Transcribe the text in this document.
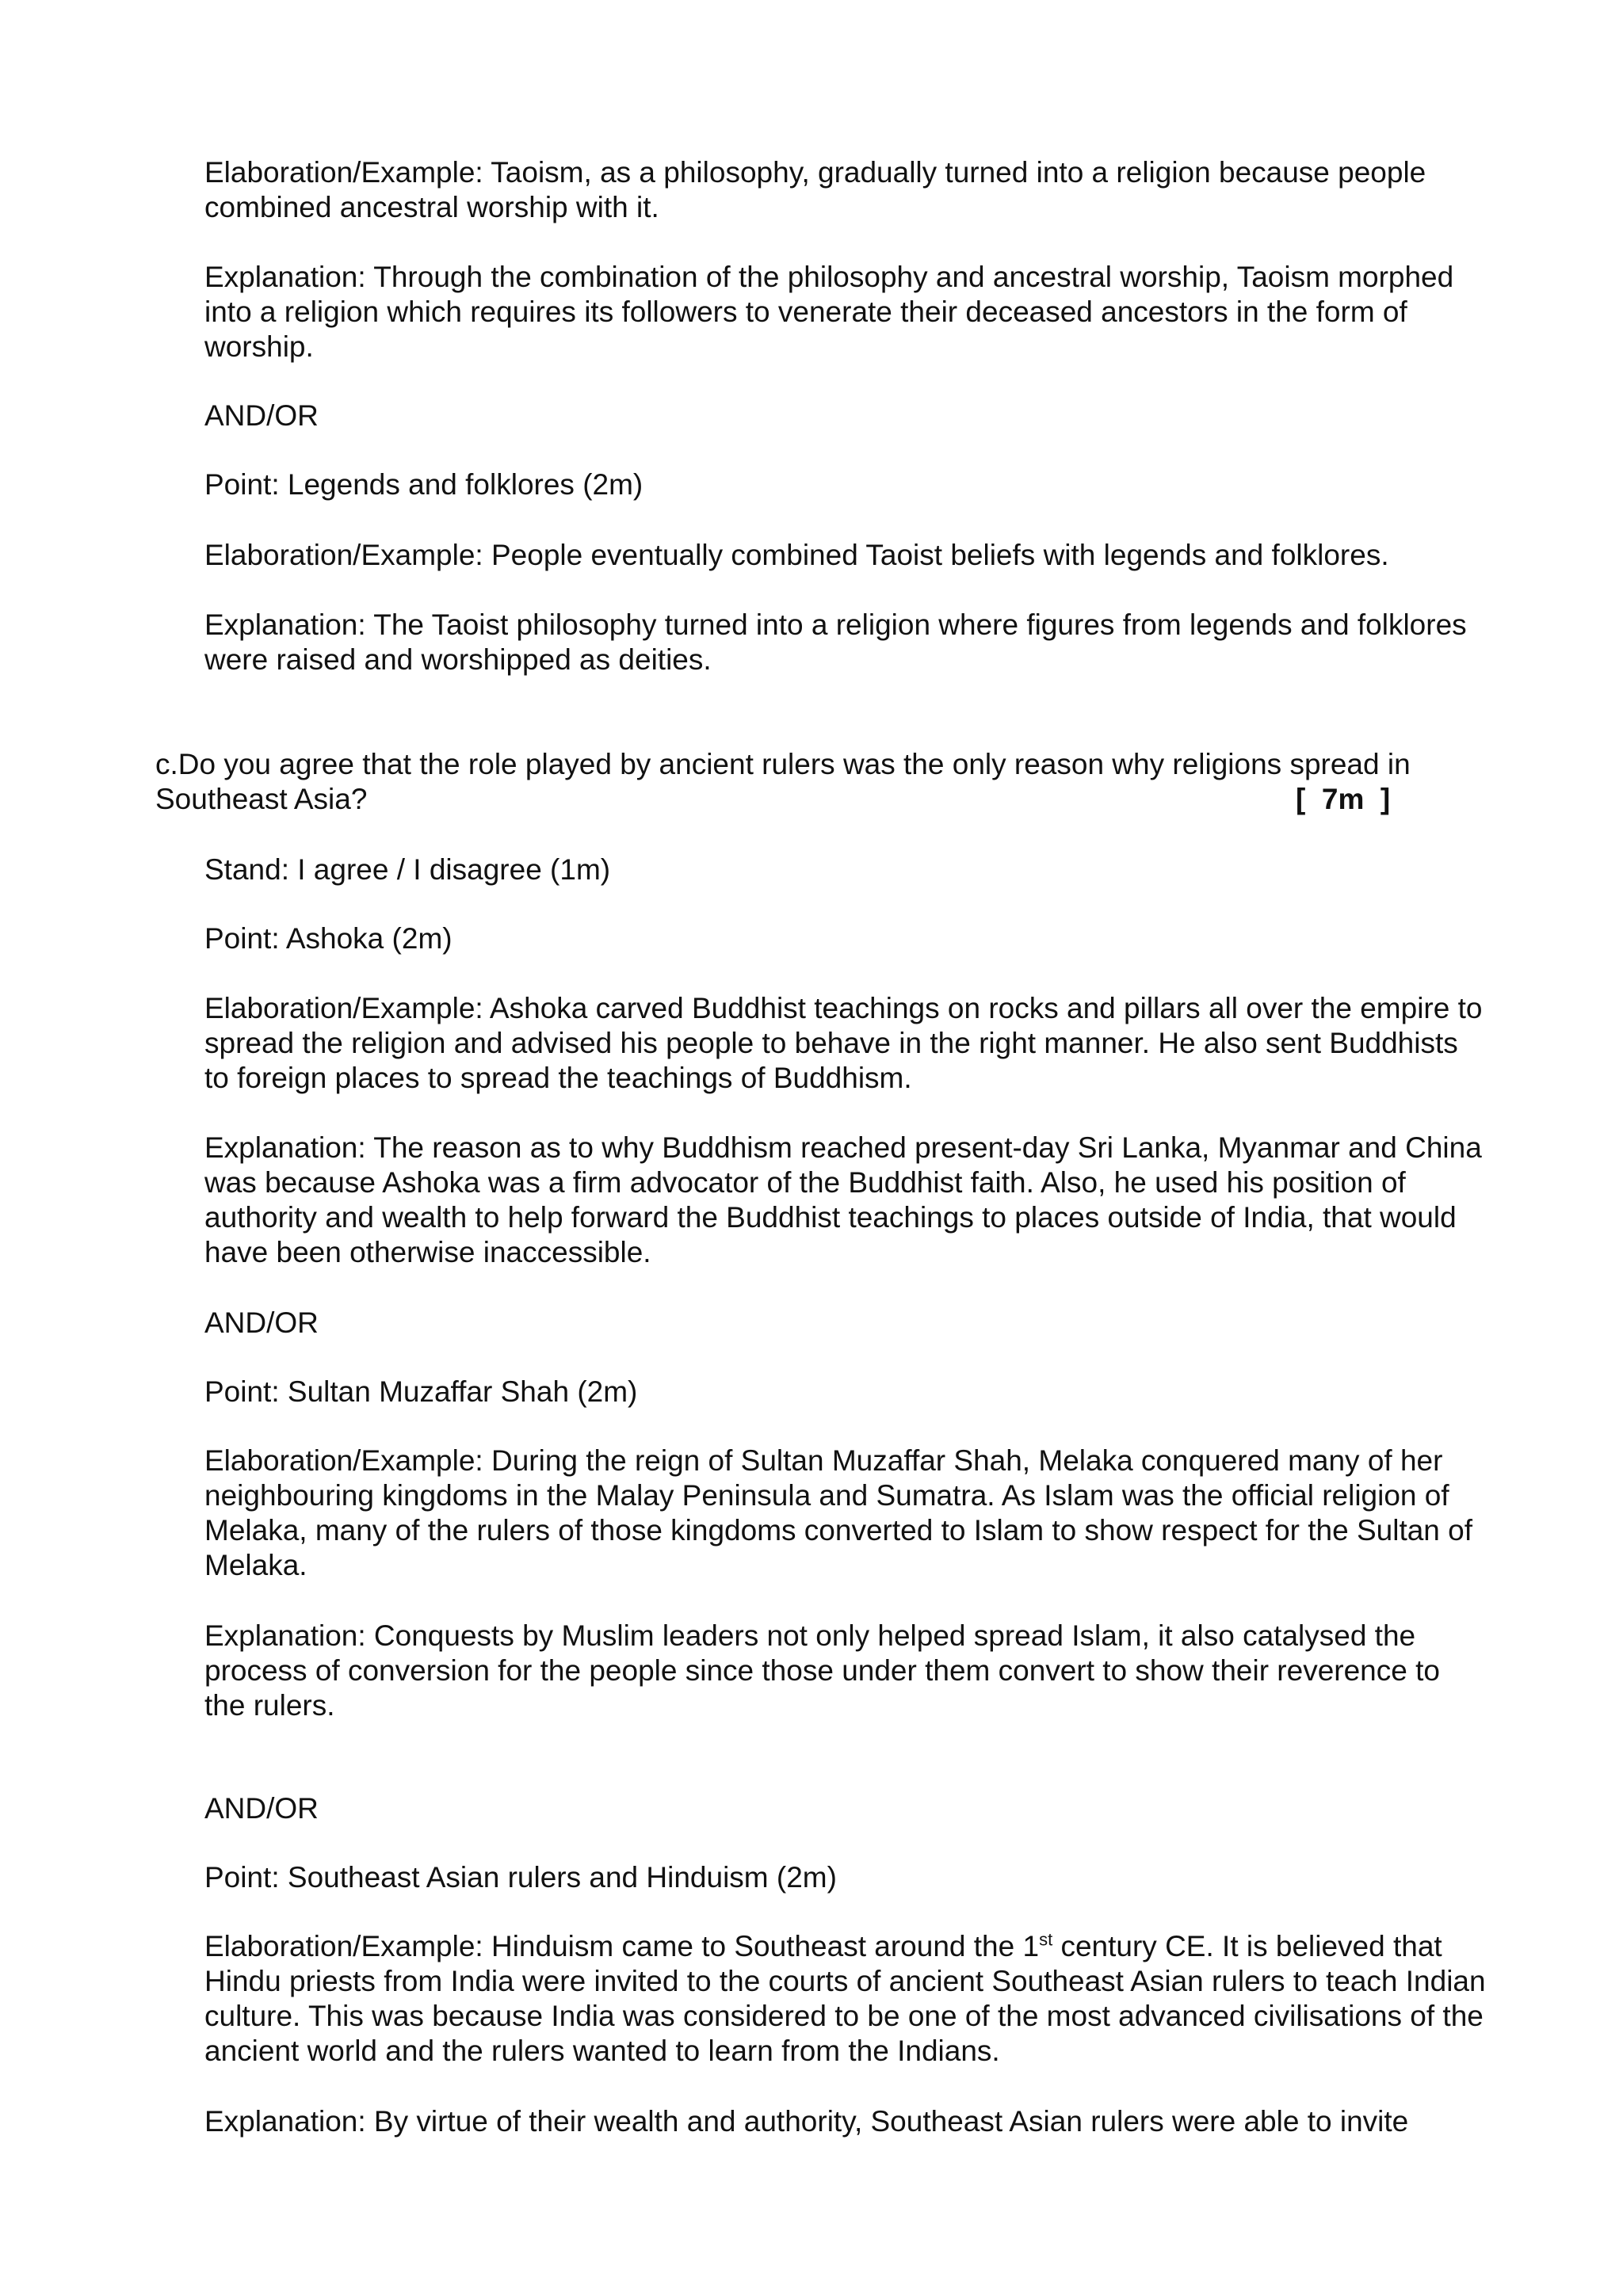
Elaboration/Example: Taoism, as a philosophy, gradually turned into a religion because people combined ancestral worship with it.

Explanation: Through the combination of the philosophy and ancestral worship, Taoism morphed into a religion which requires its followers to venerate their deceased ancestors in the form of worship.

AND/OR

Point: Legends and folklores (2m)

Elaboration/Example: People eventually combined Taoist beliefs with legends and folklores.

Explanation: The Taoist philosophy turned into a religion where figures from legends and folklores were raised and worshipped as deities.

c.Do you agree that the role played by ancient rulers was the only reason why religions spread in Southeast Asia?	[  7m  ]

Stand: I agree / I disagree (1m)

Point: Ashoka (2m)

Elaboration/Example: Ashoka carved Buddhist teachings on rocks and pillars all over the empire to spread the religion and advised his people to behave in the right manner. He also sent Buddhists to foreign places to spread the teachings of Buddhism.

Explanation: The reason as to why Buddhism reached present-day Sri Lanka, Myanmar and China was because Ashoka was a firm advocator of the Buddhist faith. Also, he used his position of authority and wealth to help forward the Buddhist teachings to places outside of India, that would have been otherwise inaccessible.

AND/OR

Point: Sultan Muzaffar Shah (2m)

Elaboration/Example: During the reign of Sultan Muzaffar Shah, Melaka conquered many of her neighbouring kingdoms in the Malay Peninsula and Sumatra. As Islam was the official religion of Melaka, many of the rulers of those kingdoms converted to Islam to show respect for the Sultan of Melaka.

Explanation: Conquests by Muslim leaders not only helped spread Islam, it also catalysed the process of conversion for the people since those under them convert to show their reverence to the rulers.

AND/OR

Point: Southeast Asian rulers and Hinduism (2m)

Elaboration/Example: Hinduism came to Southeast around the 1st century CE. It is believed that Hindu priests from India were invited to the courts of ancient Southeast Asian rulers to teach Indian culture. This was because India was considered to be one of the most advanced civilisations of the ancient world and the rulers wanted to learn from the Indians.

Explanation: By virtue of their wealth and authority, Southeast Asian rulers were able to invite
